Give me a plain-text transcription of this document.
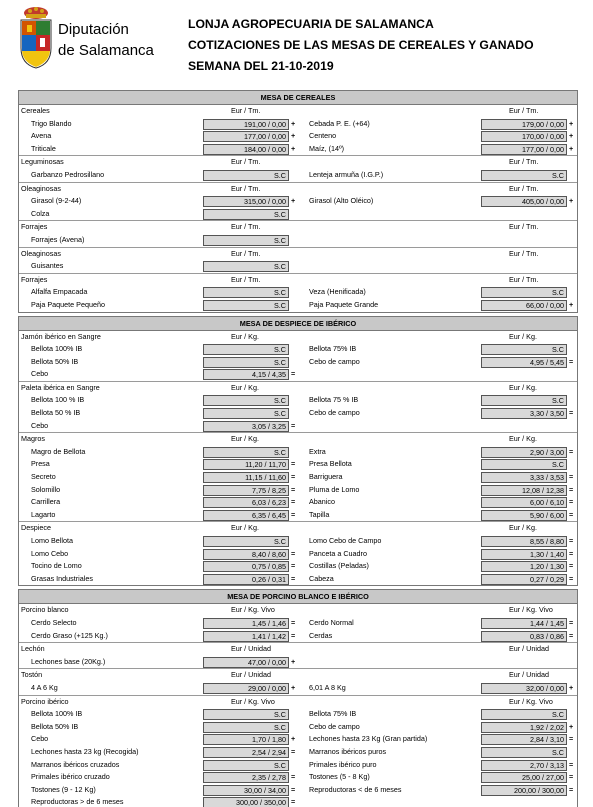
Diputación
de Salamanca
LONJA AGROPECUARIA DE SALAMANCA
COTIZACIONES DE LAS MESAS DE CEREALES Y GANADO
SEMANA DEL 21-10-2019
MESA DE CEREALES
Cereales	Eur / Tm.	Eur / Tm.
Trigo Blando	191,00 / 0,00 + Cebada P. E. (+64)	179,00 / 0,00 +
Avena	177,00 / 0,00 + Centeno	170,00 / 0,00 +
Triticale	184,00 / 0,00 + Maíz, (14º)	177,00 / 0,00 +
Leguminosas	Eur / Tm.	Eur / Tm.
Garbanzo Pedrosillano	S.C	Lenteja armuña (I.G.P.)	S.C
Oleaginosas	Eur / Tm.	Eur / Tm.
Girasol (9-2-44)	315,00 / 0,00 + Girasol (Alto Oléico)	405,00 / 0,00 +
Colza	S.C
Forrajes	Eur / Tm.	Eur / Tm.
Forrajes (Avena)	S.C
Oleaginosas	Eur / Tm.	Eur / Tm.
Guisantes	S.C
Forrajes	Eur / Tm.	Eur / Tm.
Alfalfa Empacada	S.C	Veza (Henificada)	S.C
Paja Paquete Pequeño	S.C	Paja Paquete Grande	66,00 / 0,00 +
MESA DE DESPIECE DE IBÉRICO
Jamón ibérico en Sangre	Eur / Kg.	Eur / Kg.
Bellota 100% IB	S.C	Bellota 75% IB	S.C
Bellota 50% IB	S.C	Cebo de campo	4,95 / 5,45 =
Cebo	4,15 / 4,35 =
Paleta ibérica en Sangre	Eur / Kg.	Eur / Kg.
Bellota 100 % IB	S.C	Bellota 75 % IB	S.C
Bellota 50 % IB	S.C	Cebo de campo	3,30 / 3,50 =
Cebo	3,05 / 3,25 =
Magros	Eur / Kg.	Eur / Kg.
Magro de Bellota	S.C	Extra	2,90 / 3,00 =
Presa	11,20 / 11,70 = Presa Bellota	S.C
Secreto	11,15 / 11,60 = Barriguera	3,33 / 3,53 =
Solomillo	7,75 / 8,25 = Pluma de Lomo	12,08 / 12,38 =
Carrillera	6,03 / 6,23 = Abanico	6,00 / 6,10 =
Lagarto	6,35 / 6,45 = Tapilla	5,90 / 6,00 =
Despiece	Eur / Kg.	Eur / Kg.
Lomo Bellota	S.C	Lomo Cebo de Campo	8,55 / 8,80 =
Lomo Cebo	8,40 / 8,60 = Panceta a Cuadro	1,30 / 1,40 =
Tocino de Lomo	0,75 / 0,85 = Costillas (Peladas)	1,20 / 1,30 =
Grasas Industriales	0,26 / 0,31 = Cabeza	0,27 / 0,29 =
MESA DE PORCINO BLANCO E IBÉRICO
Porcino blanco	Eur / Kg. Vivo	Eur / Kg. Vivo
Cerdo Selecto	1,45 / 1,46 = Cerdo Normal	1,44 / 1,45 =
Cerdo Graso (+125 Kg.)	1,41 / 1,42 = Cerdas	0,83 / 0,86 =
Lechón	Eur / Unidad	Eur / Unidad
Lechones base (20Kg.)	47,00 / 0,00 +
Tostón	Eur / Unidad	Eur / Unidad
4 A 6 Kg	29,00 / 0,00 + 6,01 A 8 Kg	32,00 / 0,00 +
Porcino ibérico	Eur / Kg. Vivo	Eur / Kg. Vivo
Bellota 100% IB	S.C	Bellota 75% IB	S.C
Bellota 50% IB	S.C	Cebo de campo	1,92 / 2,02 +
Cebo	1,70 / 1,80 + Lechones hasta 23 Kg (Gran partida)	2,84 / 3,10 =
Lechones hasta 23 kg (Recogida)	2,54 / 2,94 = Marranos ibéricos puros	S.C
Marranos ibéricos cruzados	S.C	Primales ibérico puro	2,70 / 3,13 =
Primales ibérico cruzado	2,35 / 2,78 = Tostones (5 - 8 Kg)	25,00 / 27,00 =
Tostones (9 - 12 Kg)	30,00 / 34,00 = Reproductoras < de 6 meses	200,00 / 300,00 =
Reproductoras > de 6 meses	300,00 / 350,00 =
